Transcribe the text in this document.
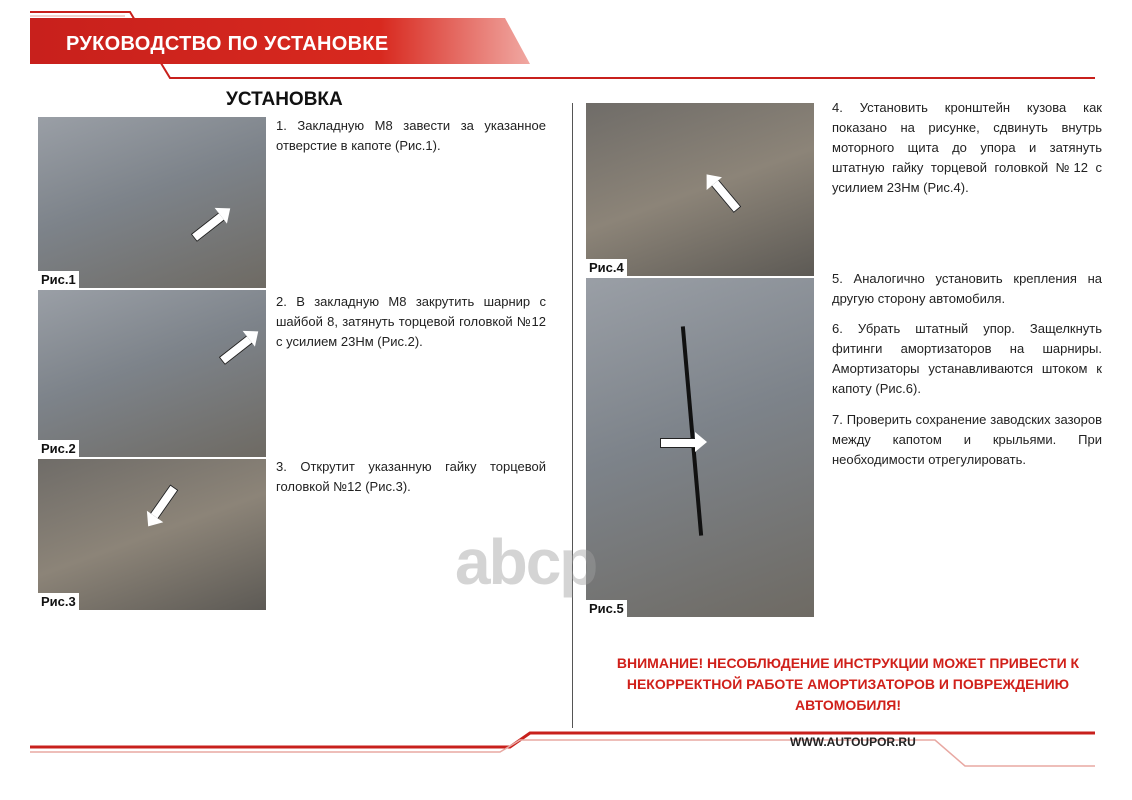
РУКОВОДСТВО ПО УСТАНОВКЕ
УСТАНОВКА
Рис.1
Рис.2
Рис.3
1. Закладную М8 завести за указанное отверстие в капоте (Рис.1).
2. В закладную М8 закрутить шарнир с шайбой 8, затянуть торцевой головкой №12 с усилием 23Нм (Рис.2).
3. Открутит указанную гайку торцевой головкой №12 (Рис.3).
Рис.4
Рис.5
4. Установить кронштейн кузова как показано на рисунке, сдвинуть внутрь моторного щита до упора и затянуть штатную гайку торцевой головкой №12 с усилием 23Нм (Рис.4).
5. Аналогично установить крепления на другую сторону автомобиля.
6. Убрать штатный упор. Защелкнуть фитинги амортизаторов на шарниры. Амортизаторы устанавливаются штоком к капоту (Рис.6).
7. Проверить сохранение заводских зазоров между капотом и крыльями. При необходимости отрегулировать.
abcp
ВНИМАНИЕ! НЕСОБЛЮДЕНИЕ ИНСТРУКЦИИ МОЖЕТ ПРИВЕСТИ К НЕКОРРЕКТНОЙ РАБОТЕ АМОРТИЗАТОРОВ И ПОВРЕЖДЕНИЮ АВТОМОБИЛЯ!
WWW.AUTOUPOR.RU
